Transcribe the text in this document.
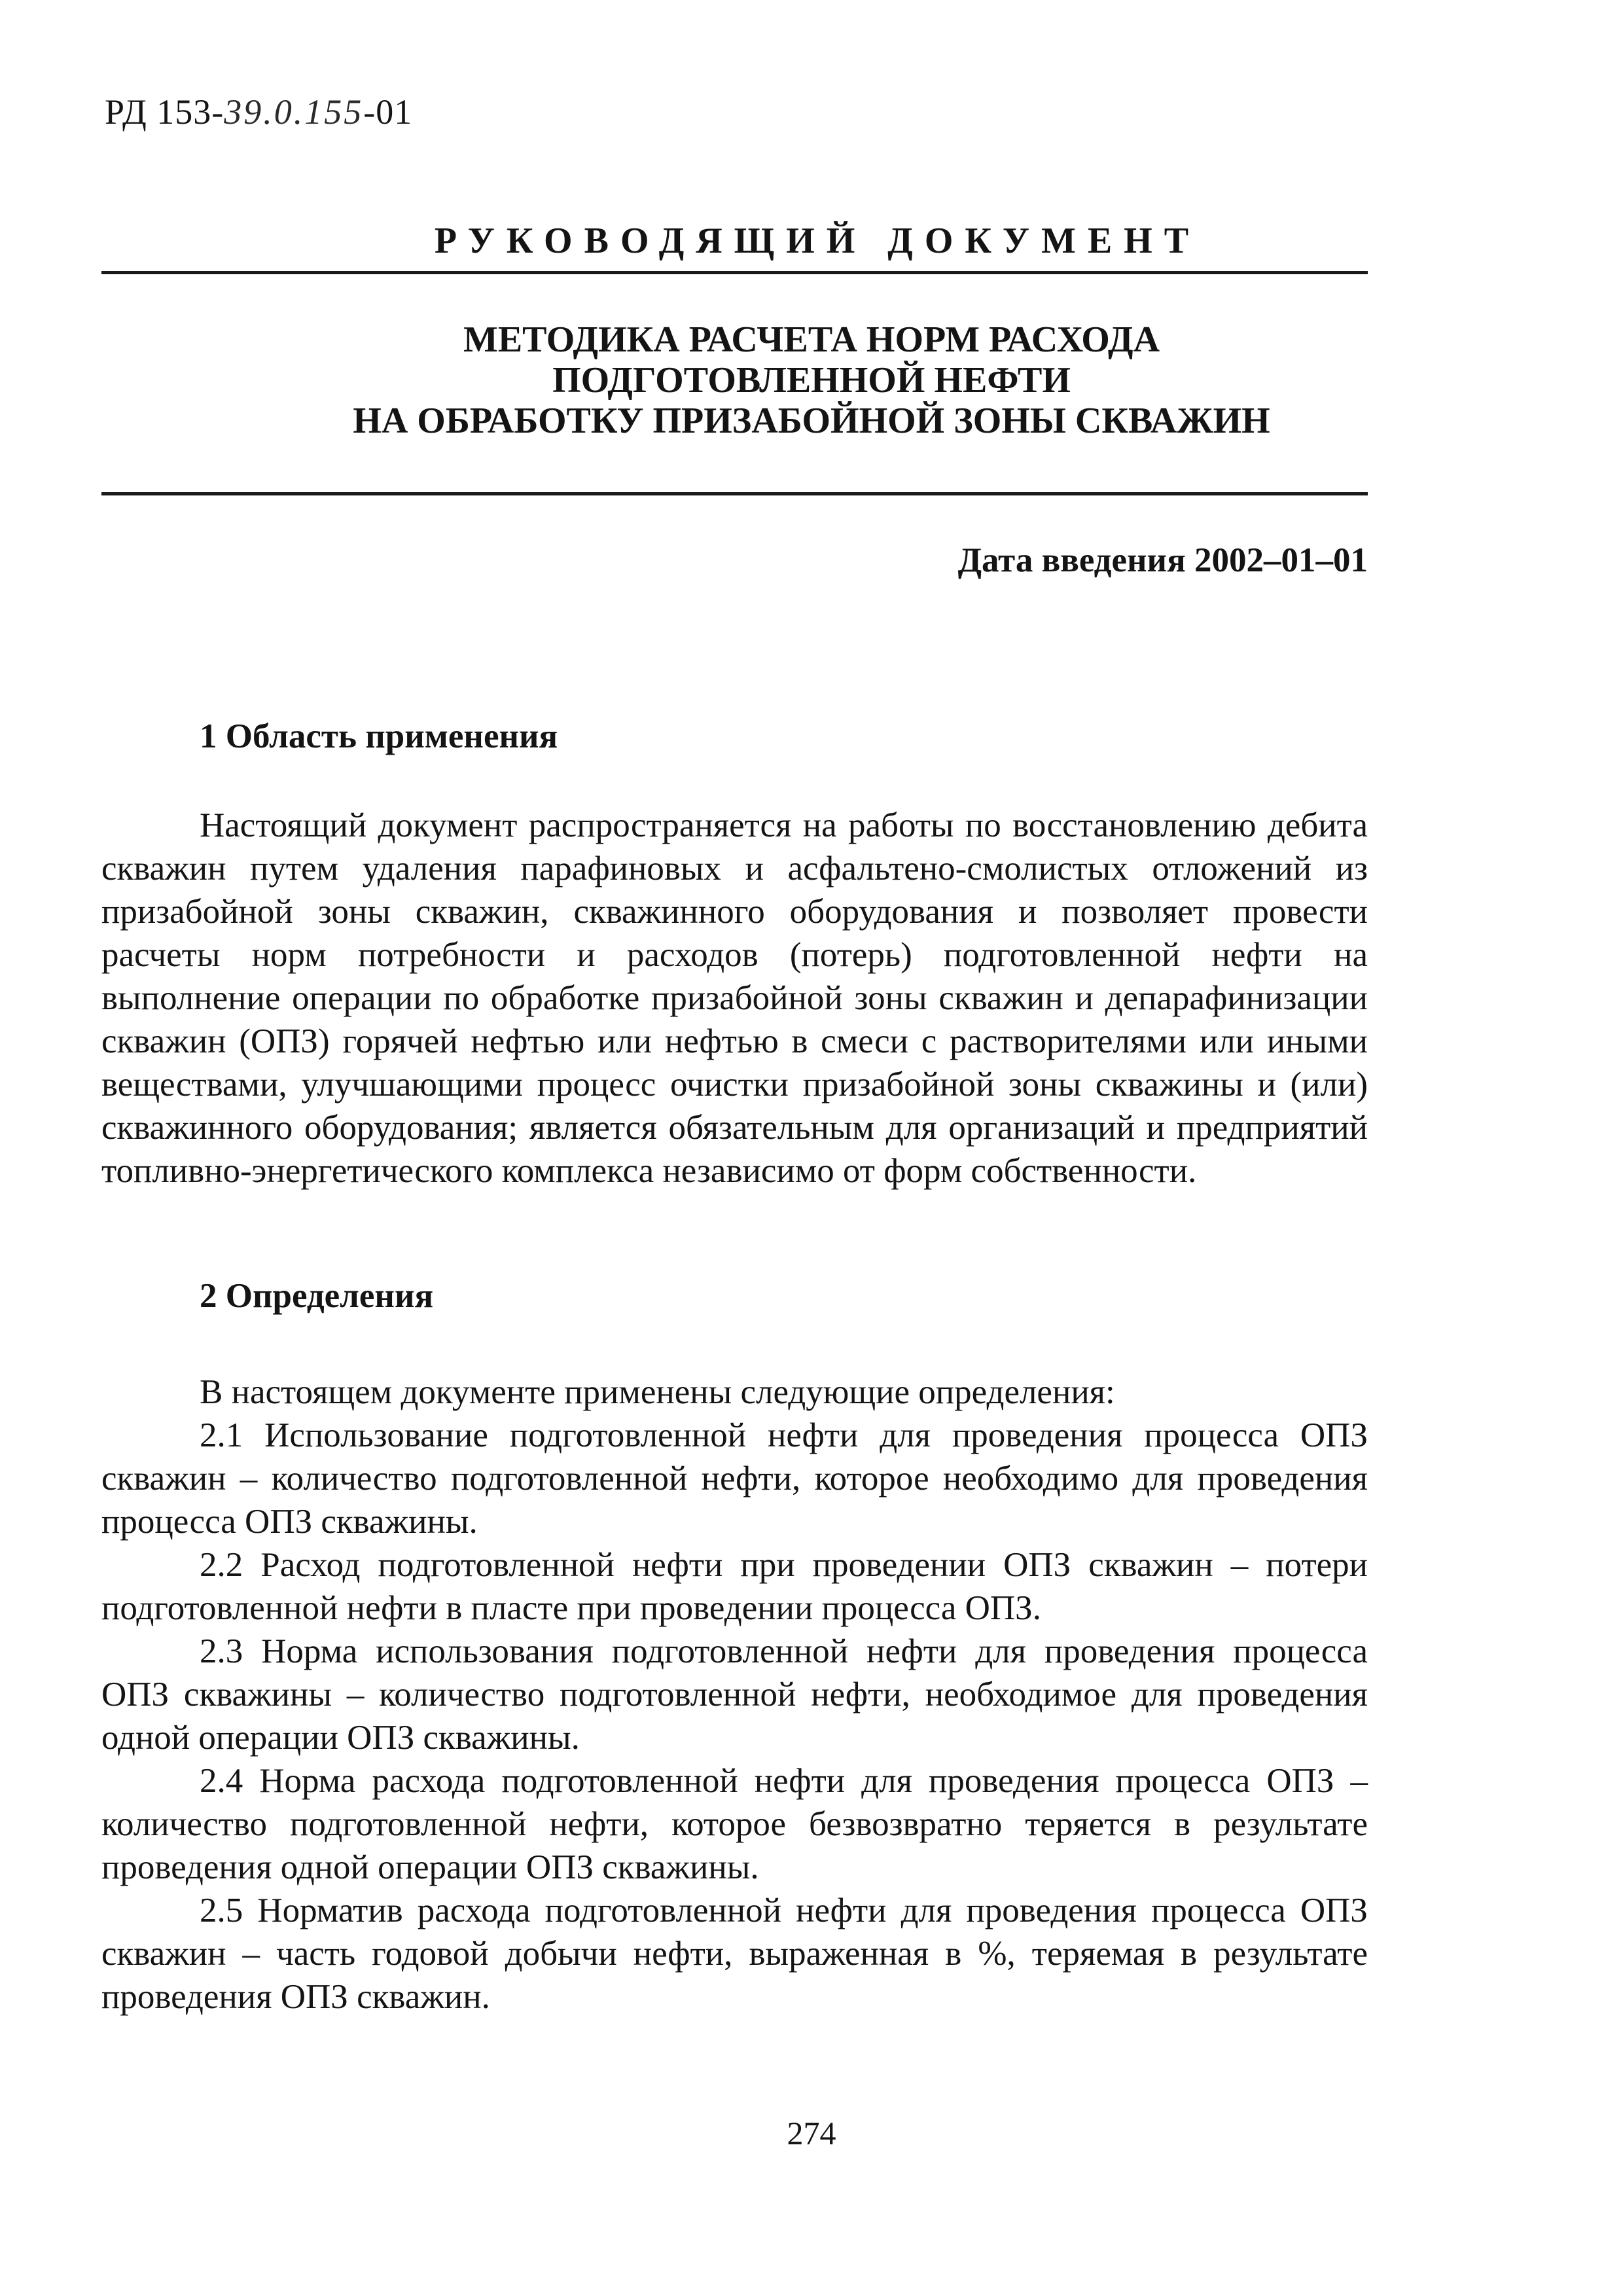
РД 153-39.0.155-01
РУКОВОДЯЩИЙ ДОКУМЕНТ
МЕТОДИКА РАСЧЕТА НОРМ РАСХОДА
ПОДГОТОВЛЕННОЙ НЕФТИ
НА ОБРАБОТКУ ПРИЗАБОЙНОЙ ЗОНЫ СКВАЖИН
Дата введения 2002–01–01
1 Область применения

Настоящий документ распространяется на работы по восстановлению дебита скважин путем удаления парафиновых и асфальтено-смолистых отложений из призабойной зоны скважин, скважинного оборудования и позволяет провести расчеты норм потребности и расходов (потерь) подготовленной нефти на выполнение операции по обработке призабойной зоны скважин и депарафинизации скважин (ОПЗ) горячей нефтью или нефтью в смеси с растворителями или иными веществами, улучшающими процесс очистки призабойной зоны скважины и (или) скважинного оборудования; является обязательным для организаций и предприятий топливно-энергетического комплекса независимо от форм собственности.

2 Определения

В настоящем документе применены следующие определения:

2.1 Использование подготовленной нефти для проведения процесса ОПЗ скважин – количество подготовленной нефти, которое необходимо для проведения процесса ОПЗ скважины.

2.2 Расход подготовленной нефти при проведении ОПЗ скважин – потери подготовленной нефти в пласте при проведении процесса ОПЗ.

2.3 Норма использования подготовленной нефти для проведения процесса ОПЗ скважины – количество подготовленной нефти, необходимое для проведения одной операции ОПЗ скважины.

2.4 Норма расхода подготовленной нефти для проведения процесса ОПЗ – количество подготовленной нефти, которое безвозвратно теряется в результате проведения одной операции ОПЗ скважины.

2.5 Норматив расхода подготовленной нефти для проведения процесса ОПЗ скважин – часть годовой добычи нефти, выраженная в %, теряемая в результате проведения ОПЗ скважин.

274
